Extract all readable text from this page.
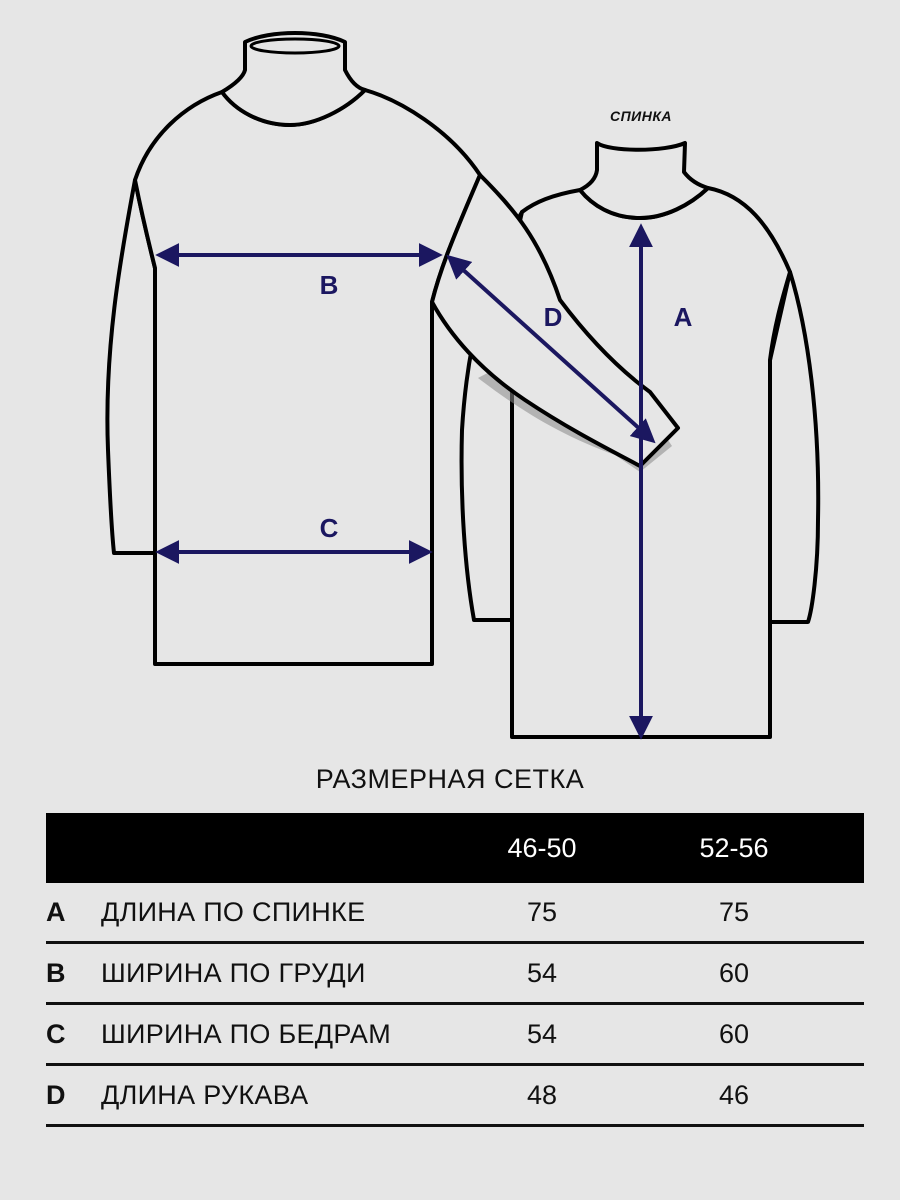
СПИНКА
B
C
D	A
РАЗМЕРНАЯ СЕТКА
46-50	52-56
A	ДЛИНА ПО СПИНКЕ	75	75
B	ШИРИНА ПО ГРУДИ	54	60
C	ШИРИНА ПО БЕДРАМ	54	60
D	ДЛИНА РУКАВА	48	46
